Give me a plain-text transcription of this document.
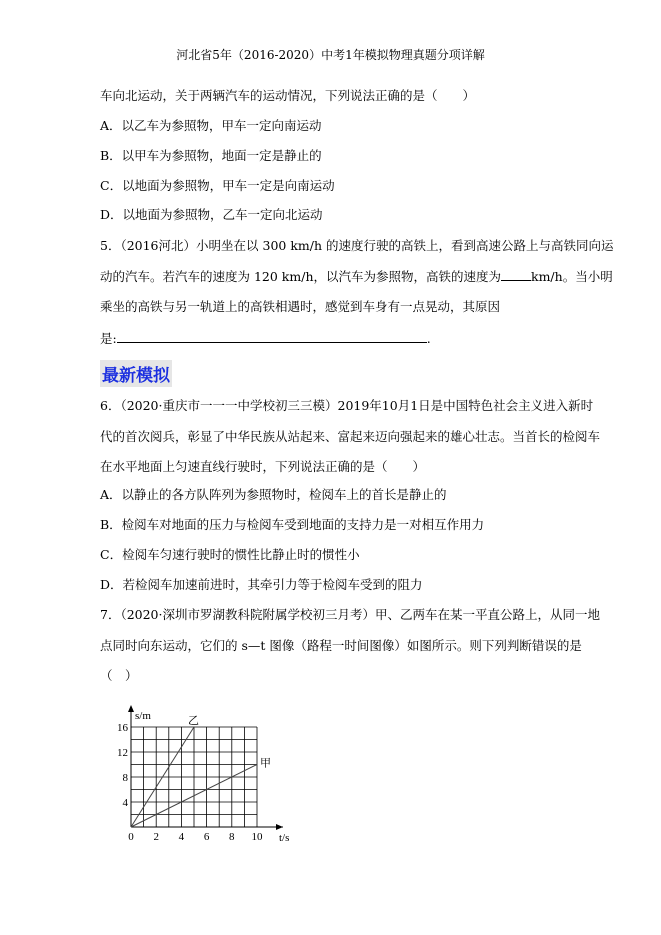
河北省5年（2016-2020）中考1年模拟物理真题分项详解
车向北运动，关于两辆汽车的运动情况，下列说法正确的是（　　）
A．以乙车为参照物，甲车一定向南运动
B．以甲车为参照物，地面一定是静止的
C．以地面为参照物，甲车一定是向南运动
D．以地面为参照物，乙车一定向北运动
5．（2016河北）小明坐在以 300 km/h 的速度行驶的高铁上，看到高速公路上与高铁同向运
动的汽车。若汽车的速度为 120 km/h，以汽车为参照物，高铁的速度为 km/h。当小明
乘坐的高铁与另一轨道上的高铁相遇时，感觉到车身有一点晃动，其原因
是:	.
最新模拟
6．（2020·重庆市一一一中学校初三三模）2019年10月1日是中国特色社会主义进入新时
代的首次阅兵，彰显了中华民族从站起来、富起来迈向强起来的雄心壮志。当首长的检阅车
在水平地面上匀速直线行驶时，下列说法正确的是（　　）
A．以静止的各方队阵列为参照物时，检阅车上的首长是静止的
B．检阅车对地面的压力与检阅车受到地面的支持力是一对相互作用力
C．检阅车匀速行驶时的惯性比静止时的惯性小
D．若检阅车加速前进时，其牵引力等于检阅车受到的阻力
7．（2020·深圳市罗湖教科院附属学校初三月考）甲、乙两车在某一平直公路上，从同一地
点同时向东运动，它们的 s—t 图像（路程一时间图像）如图所示。则下列判断错误的是
（　）
s/m
t/s
0 2 4 6 8 10
4
8
12
16
乙
甲
